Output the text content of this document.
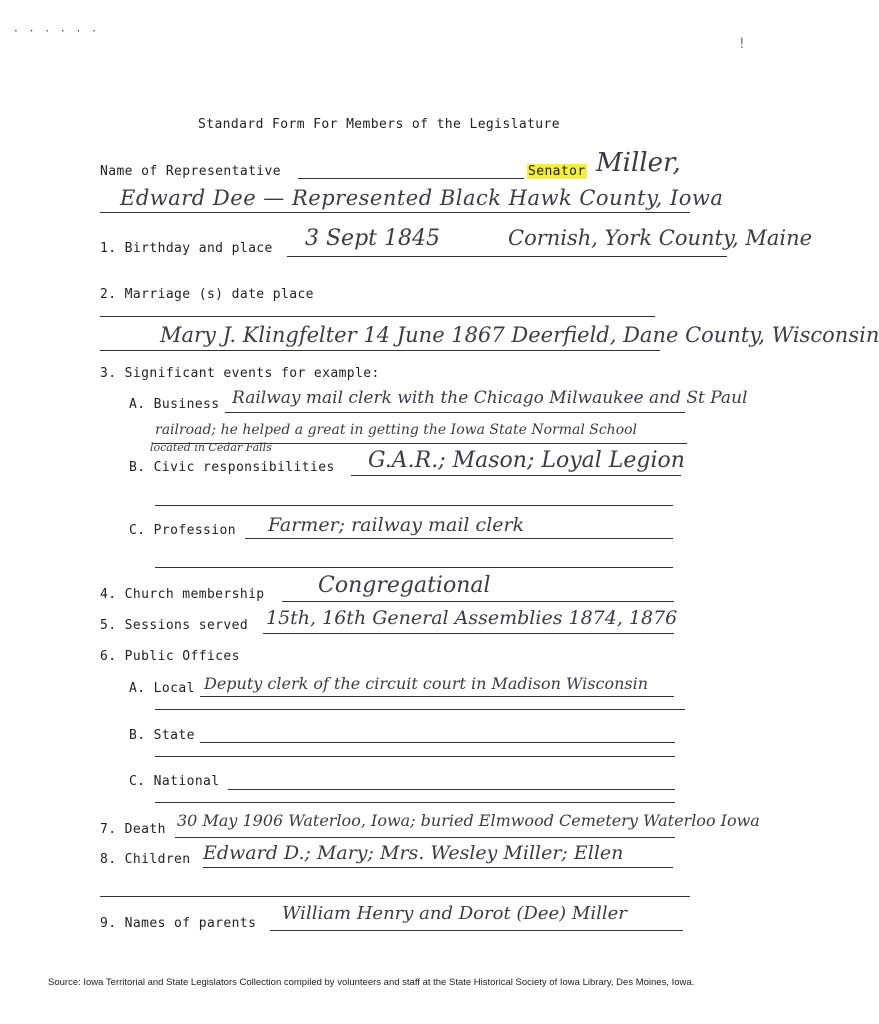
· · · · · ·
!
Standard Form For Members of the Legislature
Name of Representative	Senator Miller,
Edward Dee — Represented Black Hawk County, Iowa
1. Birthday and place 3 Sept 1845	Cornish, York County, Maine
2. Marriage (s) date place
Mary J. Klingfelter 14 June 1867 Deerfield, Dane County, Wisconsin
3. Significant events for example:
A. Business Railway mail clerk with the Chicago Milwaukee and St Paul
railroad; he helped a great in getting the Iowa State Normal School
located in Cedar Falls
B. Civic responsibilities G.A.R.; Mason; Loyal Legion
C. Profession Farmer; railway mail clerk
4. Church membership Congregational
5. Sessions served 15th, 16th General Assemblies 1874, 1876
6. Public Offices
A. Local Deputy clerk of the circuit court in Madison Wisconsin
B. State
C. National
7. Death 30 May 1906 Waterloo, Iowa; buried Elmwood Cemetery Waterloo Iowa
8. Children Edward D.; Mary; Mrs. Wesley Miller; Ellen
9. Names of parents William Henry and Dorot (Dee) Miller
Source: Iowa Territorial and State Legislators Collection compiled by volunteers and staff at the State Historical Society of Iowa Library, Des Moines, Iowa.
